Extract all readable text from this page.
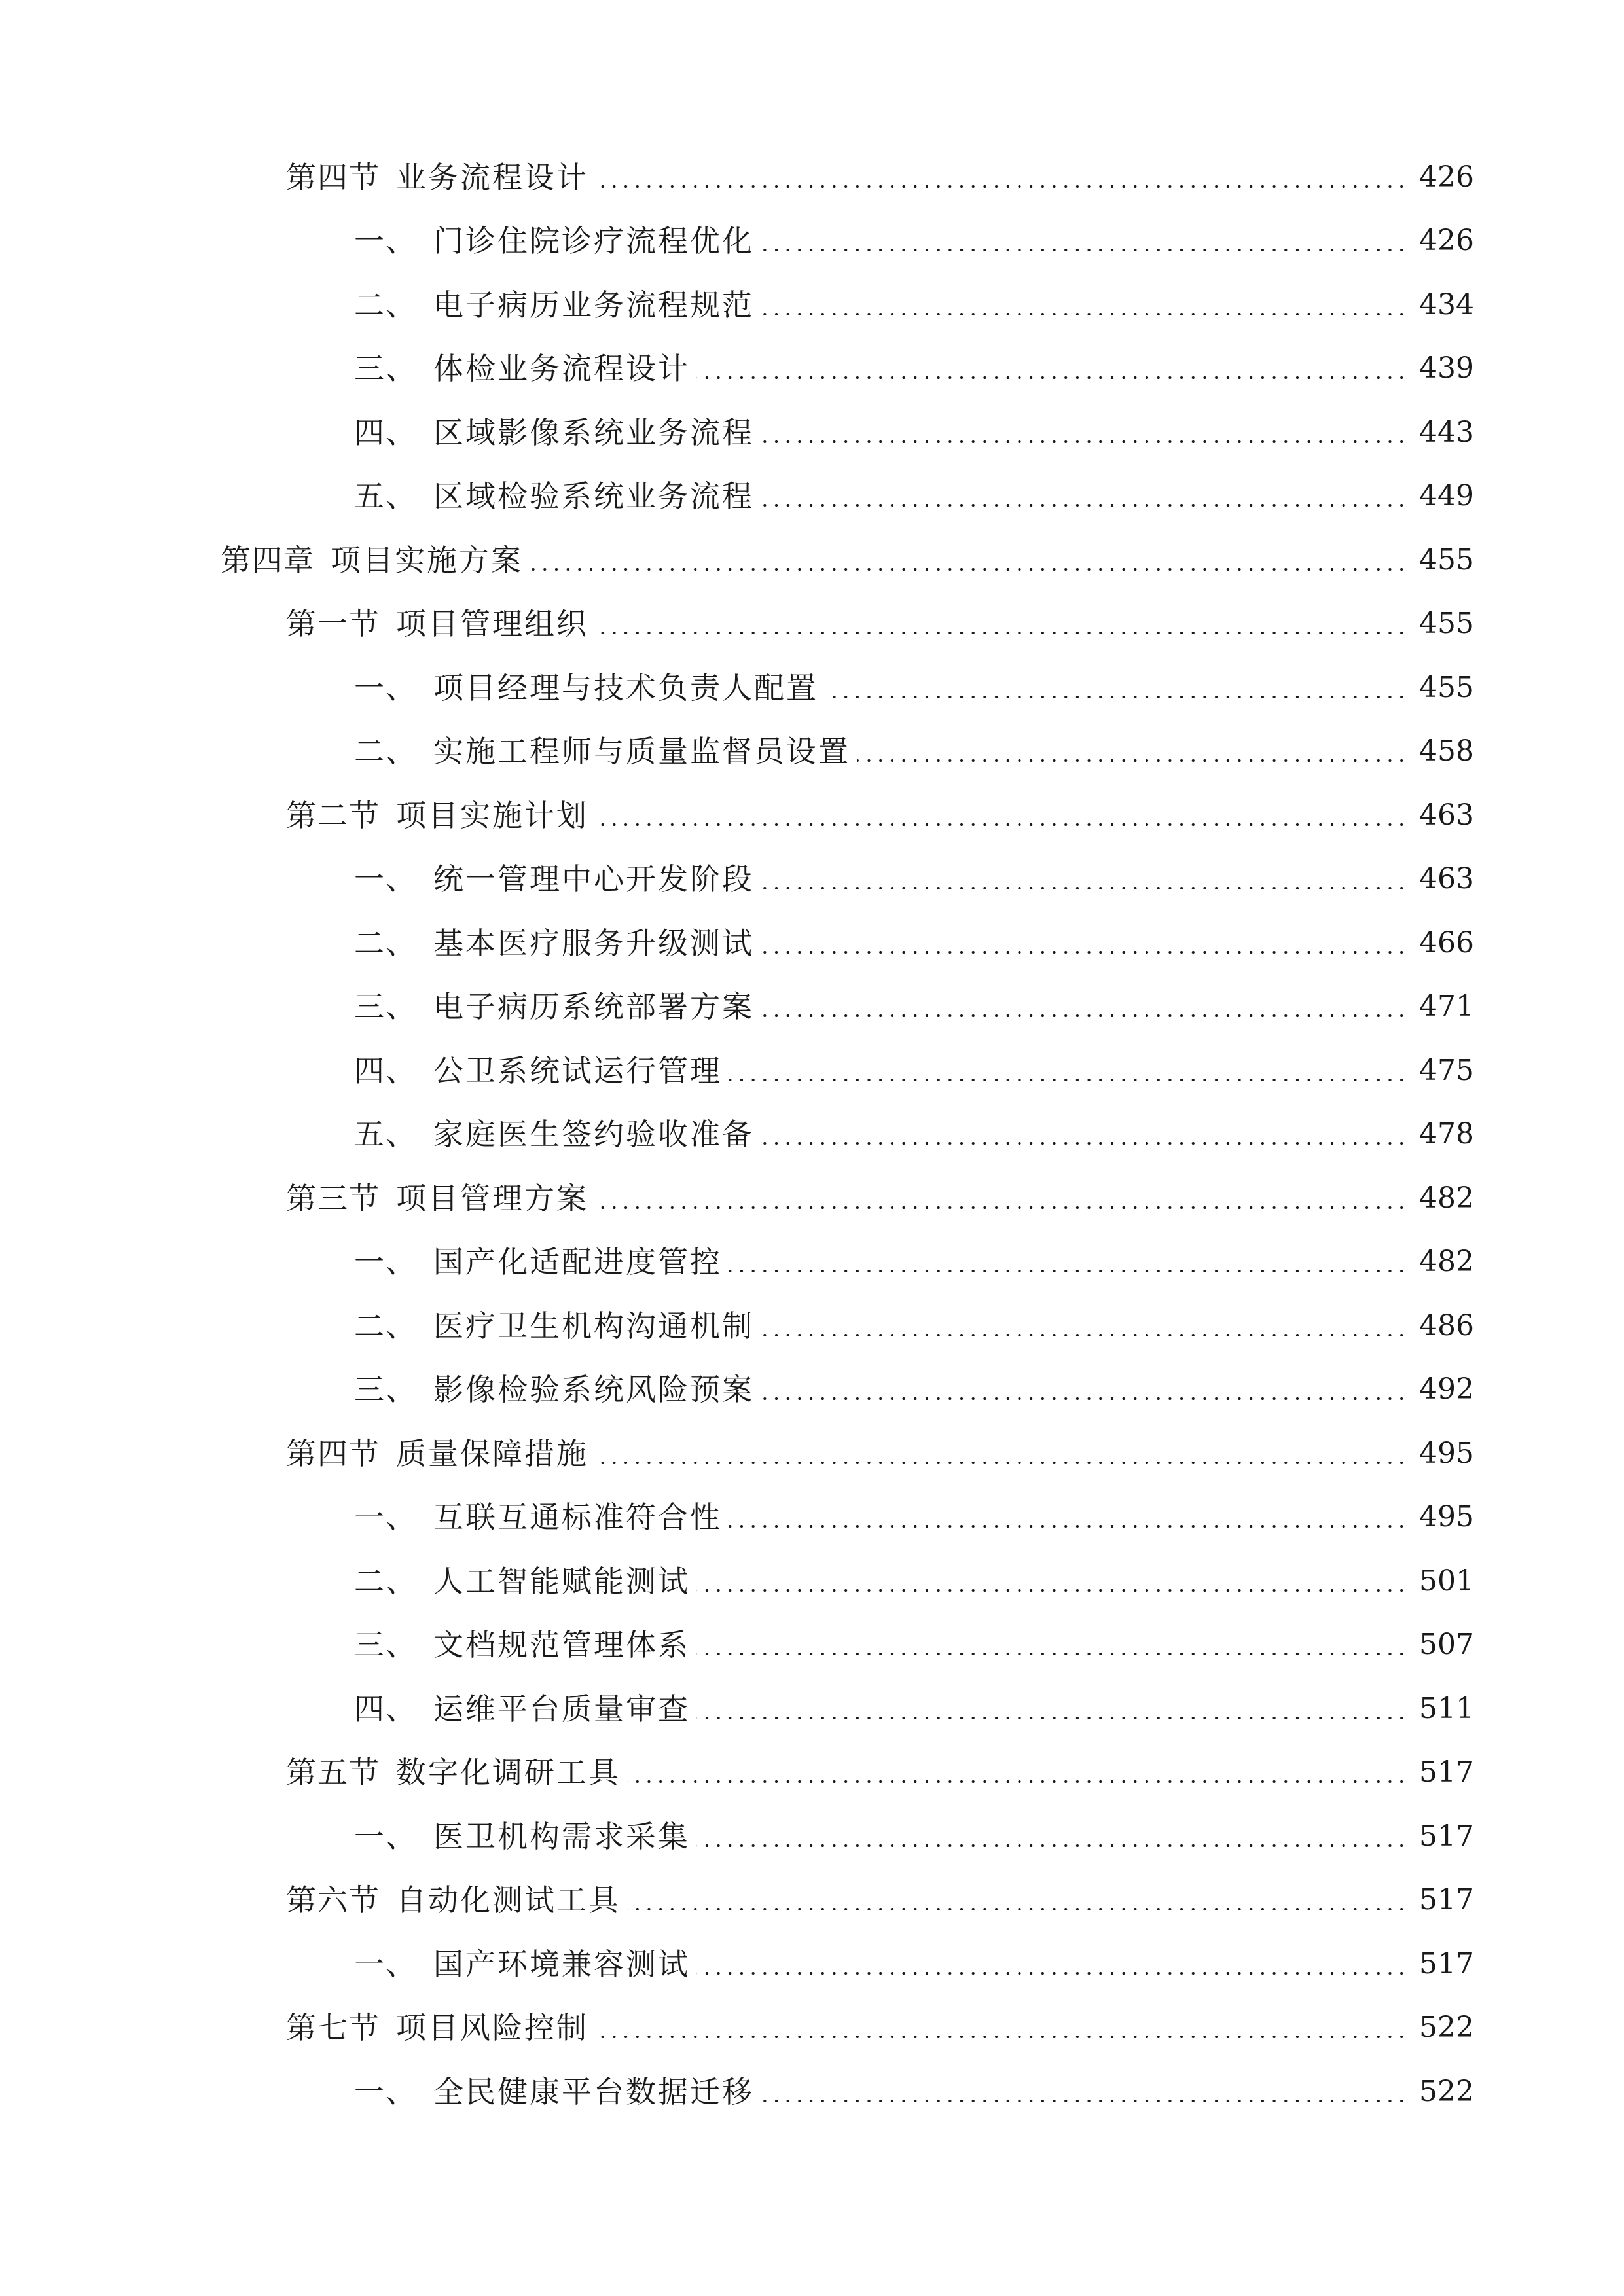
第四节 业务流程设计	426
一、 门诊住院诊疗流程优化	426
二、 电子病历业务流程规范	434
三、 体检业务流程设计	439
四、 区域影像系统业务流程	443
五、 区域检验系统业务流程	449
第四章 项目实施方案	455
第一节 项目管理组织	455
一、 项目经理与技术负责人配置	455
二、 实施工程师与质量监督员设置	458
第二节 项目实施计划	463
一、 统一管理中心开发阶段	463
二、 基本医疗服务升级测试	466
三、 电子病历系统部署方案	471
四、 公卫系统试运行管理	475
五、 家庭医生签约验收准备	478
第三节 项目管理方案	482
一、 国产化适配进度管控	482
二、 医疗卫生机构沟通机制	486
三、 影像检验系统风险预案	492
第四节 质量保障措施	495
一、 互联互通标准符合性	495
二、 人工智能赋能测试	501
三、 文档规范管理体系	507
四、 运维平台质量审查	511
第五节 数字化调研工具	517
一、 医卫机构需求采集	517
第六节 自动化测试工具	517
一、 国产环境兼容测试	517
第七节 项目风险控制	522
一、 全民健康平台数据迁移	522
